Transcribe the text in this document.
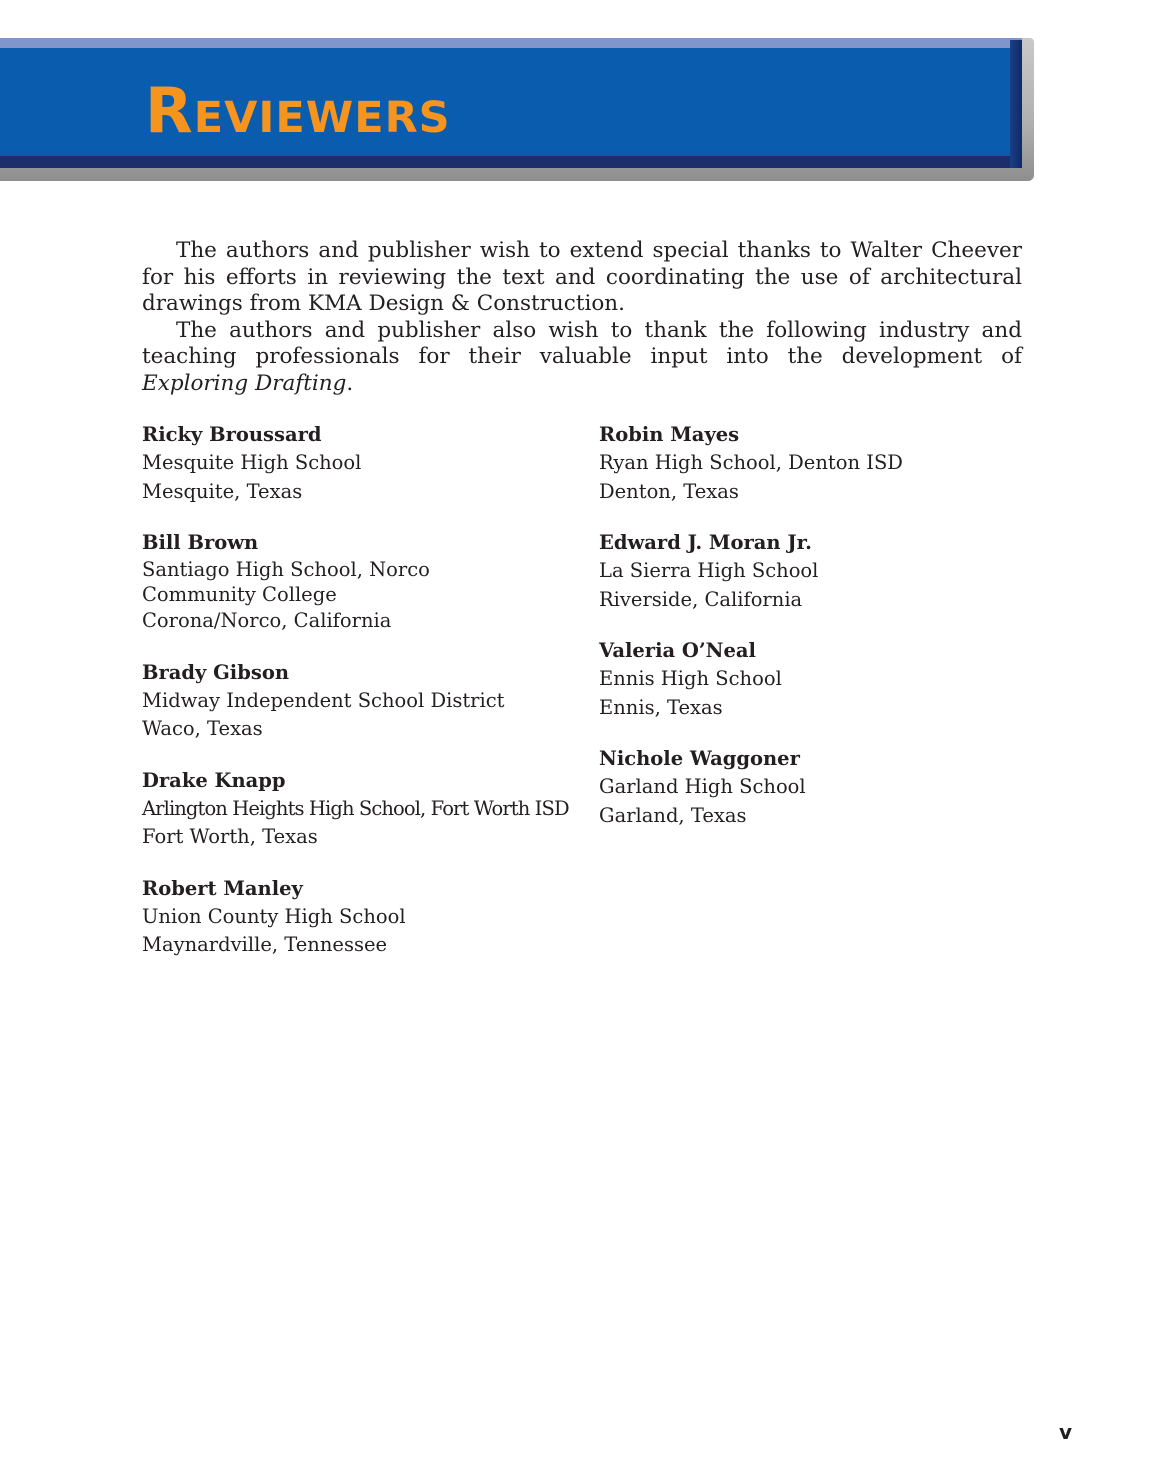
Reviewers

The authors and publisher wish to extend special thanks to Walter Cheever for his efforts in reviewing the text and coordinating the use of architectural drawings from KMA Design & Construction.

The authors and publisher also wish to thank the following industry and teaching professionals for their valuable input into the development of Exploring Drafting.

Ricky Broussard
Mesquite High School
Mesquite, Texas
Bill Brown
Santiago High School, Norco Community College
Corona/Norco, California
Brady Gibson
Midway Independent School District
Waco, Texas
Drake Knapp
Arlington Heights High School, Fort Worth ISD
Fort Worth, Texas
Robert Manley
Union County High School
Maynardville, Tennessee
Robin Mayes
Ryan High School, Denton ISD
Denton, Texas
Edward J. Moran Jr.
La Sierra High School
Riverside, California
Valeria O’Neal
Ennis High School
Ennis, Texas
Nichole Waggoner
Garland High School
Garland, Texas
v
